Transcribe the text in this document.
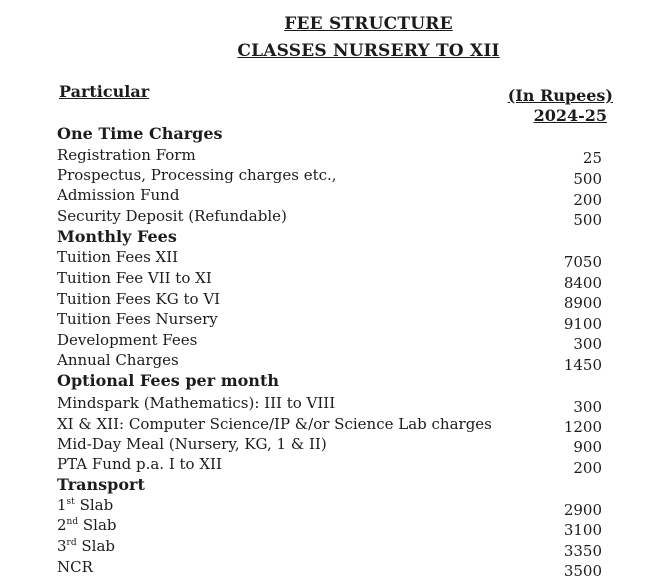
FEE STRUCTURE
CLASSES NURSERY TO XII
Particular	(In Rupees)
2024-25
One Time Charges
Registration Form	25
Prospectus, Processing charges etc.,	500
Admission Fund	200
Security Deposit (Refundable)	500
Monthly Fees
Tuition Fees XII	7050
Tuition Fee VII to XI	8400
Tuition Fees KG to VI	8900
Tuition Fees Nursery	9100
Development Fees	300
Annual Charges	1450
Optional Fees per month
Mindspark (Mathematics): III to VIII	300
XI & XII: Computer Science/IP &/or Science Lab charges	1200
Mid-Day Meal (Nursery, KG, 1 & II)	900
PTA Fund p.a. I to XII	200
Transport
1st Slab	2900
2nd Slab	3100
3rd Slab	3350
NCR	3500
